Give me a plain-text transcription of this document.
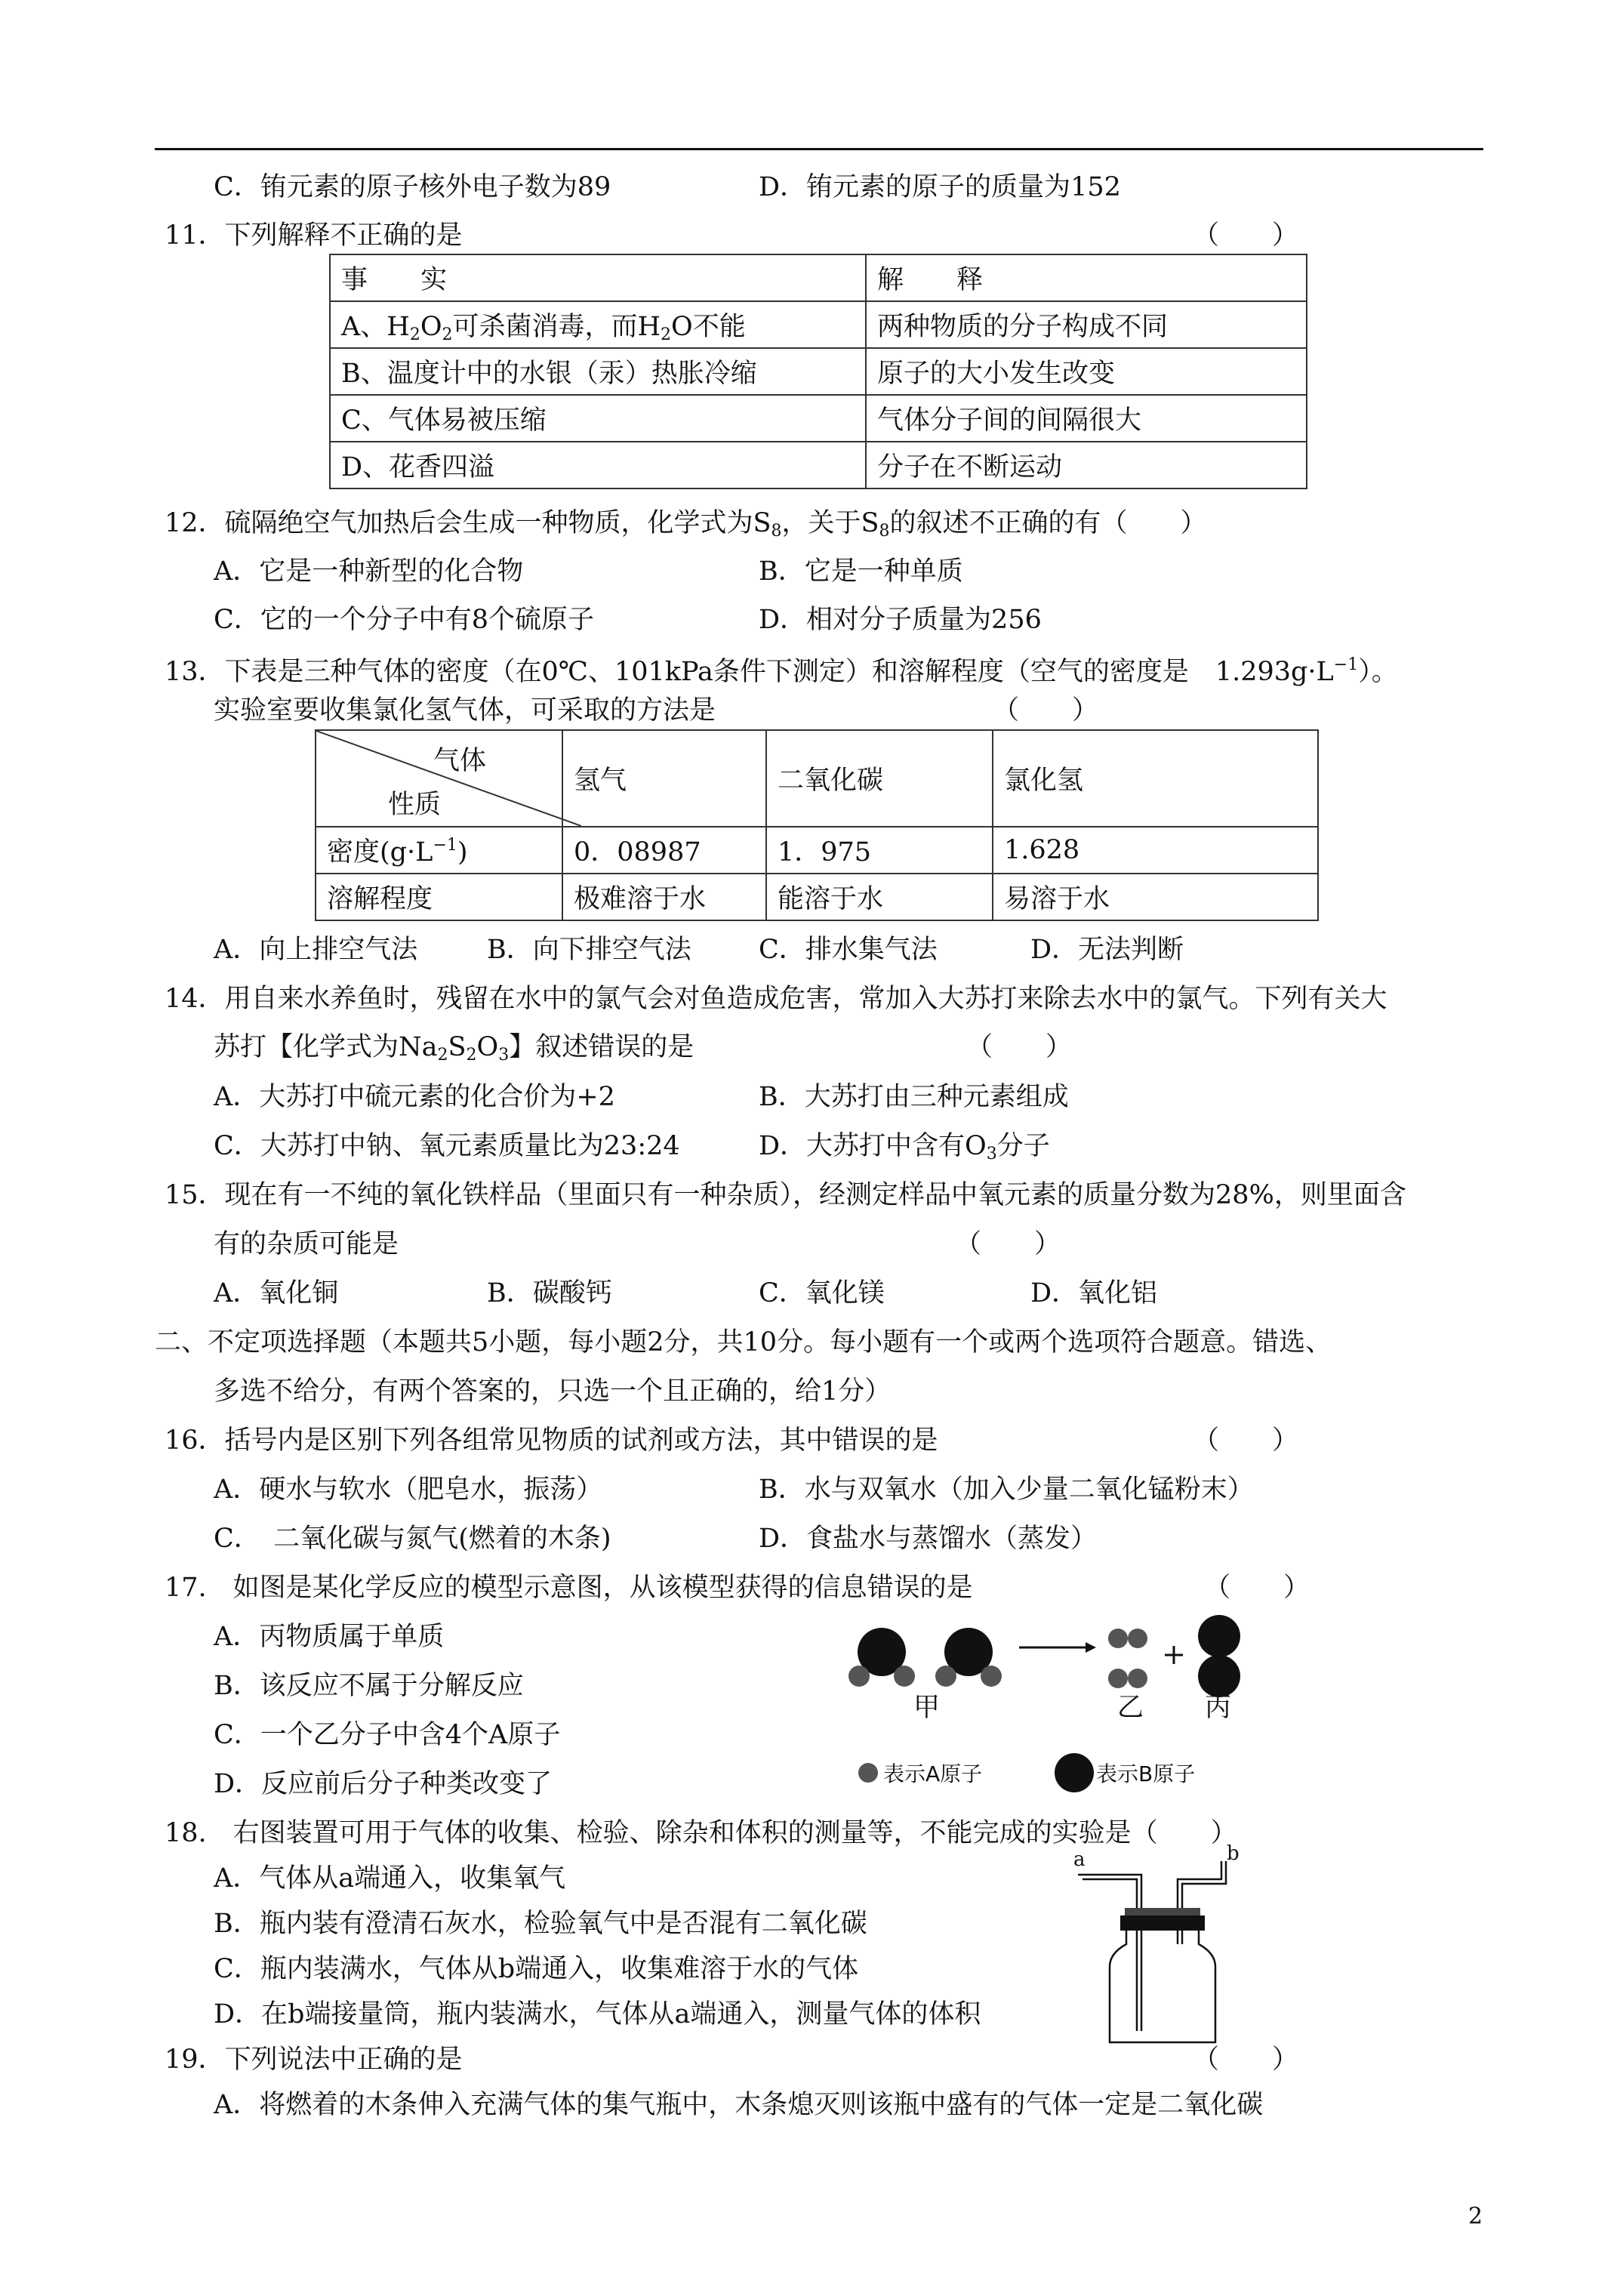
C．铕元素的原子核外电子数为89	D．铕元素的原子的质量为152
11．下列解释不正确的是	（　　）
事　　实	解　　释
A、$H_2O_2$可杀菌消毒，而$H_2O$不能	两种物质的分子构成不同
B、温度计中的水银（汞）热胀冷缩	原子的大小发生改变
C、气体易被压缩	气体分子间的间隔很大
D、花香四溢	分子在不断运动
12．硫隔绝空气加热后会生成一种物质，化学式为$S_8$，关于$S_8$的叙述不正确的有（　　）
A．它是一种新型的化合物	B．它是一种单质
C．它的一个分子中有8个硫原子	D．相对分子质量为256
13．下表是三种气体的密度（在0℃、101kPa条件下测定）和溶解程度（空气的密度是　$1.293g\cdot L^{-1}$）。
实验室要收集氯化氢气体，可采取的方法是	（　　）
气体
性质	氢气	二氧化碳	氯化氢
密度$(g\cdot L^{-1})$	0．08987	1．975	1.628
溶解程度	极难溶于水	能溶于水	易溶于水
A．向上排空气法	B．向下排空气法	C．排水集气法	D．无法判断
14．用自来水养鱼时，残留在水中的氯气会对鱼造成危害，常加入大苏打来除去水中的氯气。下列有关大
苏打【化学式为$Na_2S_2O_3$】叙述错误的是	（　　）
A．大苏打中硫元素的化合价为+2	B．大苏打由三种元素组成
C．大苏打中钠、氧元素质量比为23:24	D．大苏打中含有$O_3$分子
15．现在有一不纯的氧化铁样品（里面只有一种杂质），经测定样品中氧元素的质量分数为28%，则里面含
有的杂质可能是	（　　）
A．氧化铜	B．碳酸钙	C．氧化镁	D．氧化铝
二、不定项选择题（本题共5小题，每小题2分，共10分。每小题有一个或两个选项符合题意。错选、
多选不给分，有两个答案的，只选一个且正确的，给1分）
16．括号内是区别下列各组常见物质的试剂或方法，其中错误的是	（　　）
A．硬水与软水（肥皂水，振荡）	B．水与双氧水（加入少量二氧化锰粉末）
C．　二氧化碳与氮气(燃着的木条)	D．食盐水与蒸馏水（蒸发）
17.　如图是某化学反应的模型示意图，从该模型获得的信息错误的是	（　　）
A．丙物质属于单质
B．该反应不属于分解反应
C．一个乙分子中含4个A原子
D．反应前后分子种类改变了
甲	乙 丙
表示A原子	表示B原子
18.　右图装置可用于气体的收集、检验、除杂和体积的测量等，不能完成的实验是（　　）
A．气体从a端通入，收集氧气
B．瓶内装有澄清石灰水，检验氧气中是否混有二氧化碳
C．瓶内装满水，气体从b端通入，收集难溶于水的气体
D．在b端接量筒，瓶内装满水，气体从a端通入，测量气体的体积
a	b
19．下列说法中正确的是	（　　）
A．将燃着的木条伸入充满气体的集气瓶中，木条熄灭则该瓶中盛有的气体一定是二氧化碳
2
